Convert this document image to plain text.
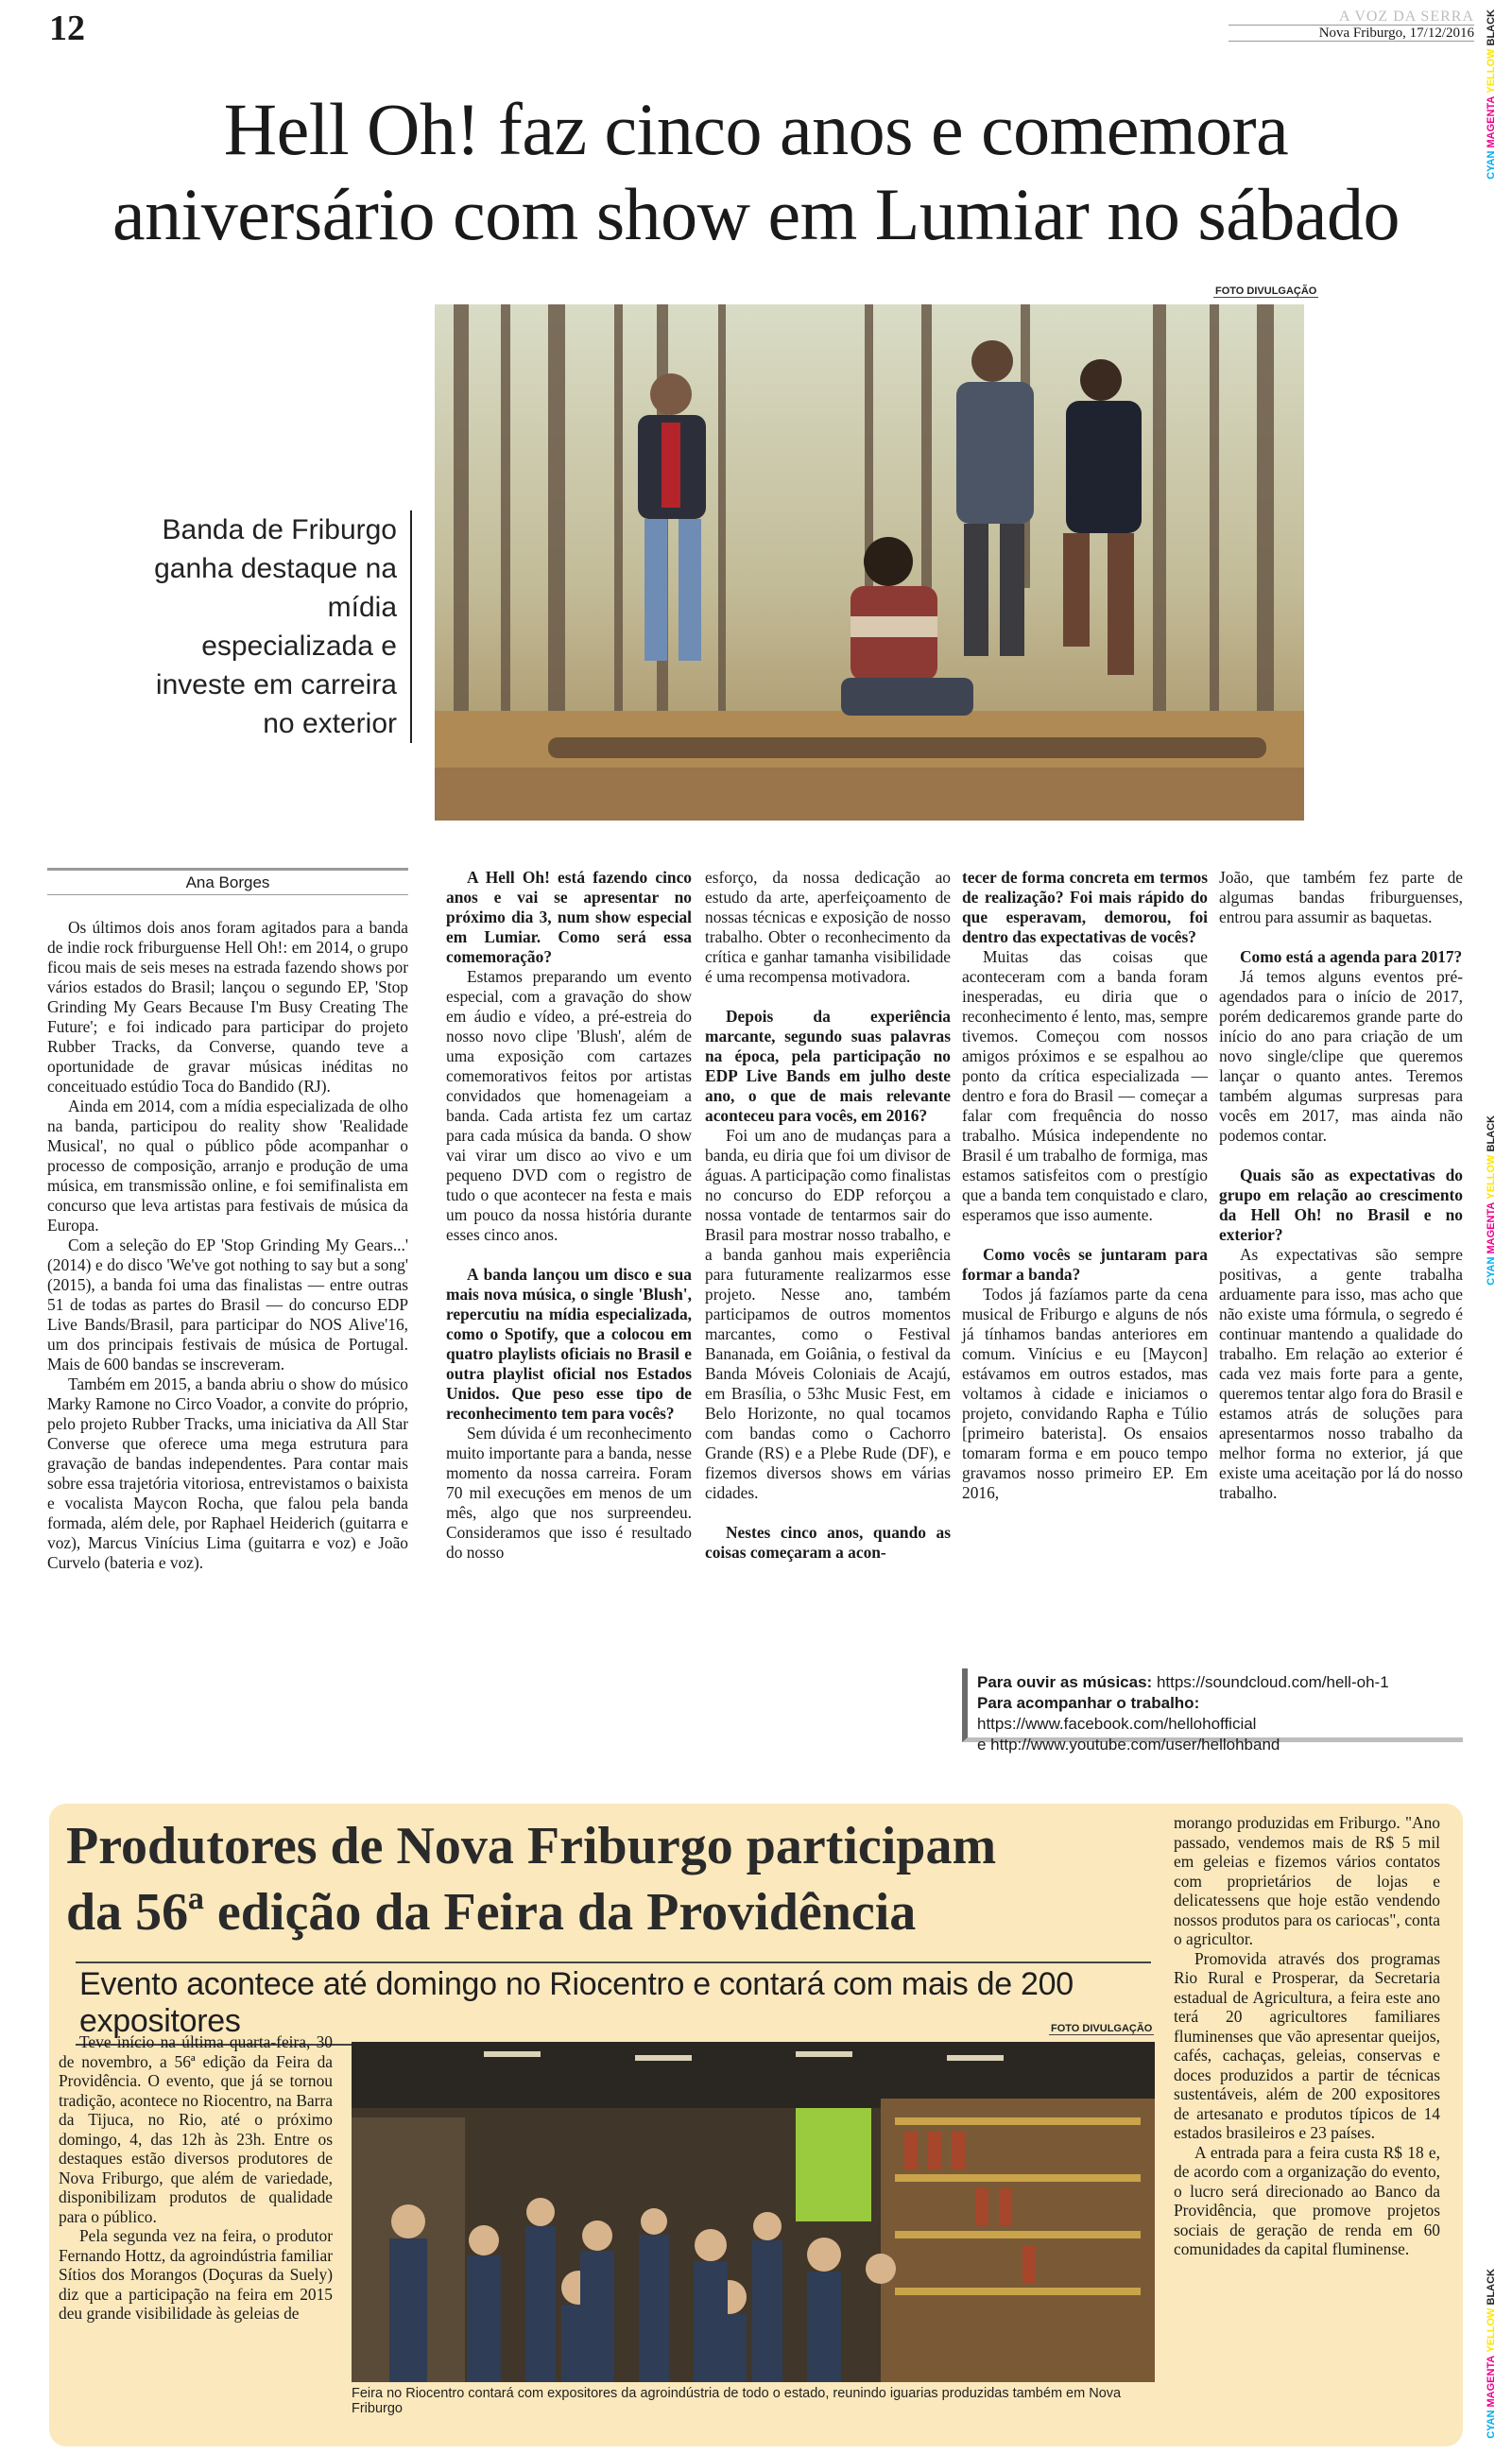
12	A VOZ DA SERRA
Nova Friburgo, 17/12/2016
CYAN MAGENTA YELLOW BLACK
CYAN MAGENTA YELLOW BLACK
CYAN MAGENTA YELLOW BLACK
Hell Oh! faz cinco anos e comemora
aniversário com show em Lumiar no sábado
FOTO DIVULGAÇÃO
Banda de Friburgo ganha destaque na mídia especializada e investe em carreira no exterior
Ana Borges

Os últimos dois anos foram agitados para a banda de indie rock friburguense Hell Oh!: em 2014, o grupo ficou mais de seis meses na estrada fazendo shows por vários estados do Brasil; lançou o segundo EP, 'Stop Grinding My Gears Because I'm Busy Creating The Future'; e foi indicado para participar do projeto Rubber Tracks, da Converse, quando teve a oportunidade de gravar músicas inéditas no conceituado estúdio Toca do Bandido (RJ).

Ainda em 2014, com a mídia especializada de olho na banda, participou do reality show 'Realidade Musical', no qual o público pôde acompanhar o processo de composição, arranjo e produção de uma música, em transmissão online, e foi semifinalista em concurso que leva artistas para festivais de música da Europa.

Com a seleção do EP 'Stop Grinding My Gears...' (2014) e do disco 'We've got nothing to say but a song' (2015), a banda foi uma das finalistas — entre outras 51 de todas as partes do Brasil — do concurso EDP Live Bands/Brasil, para participar do NOS Alive'16, um dos principais festivais de música de Portugal. Mais de 600 bandas se inscreveram.

Também em 2015, a banda abriu o show do músico Marky Ramone no Circo Voador, a convite do próprio, pelo projeto Rubber Tracks, uma iniciativa da All Star Converse que oferece uma mega estrutura para gravação de bandas independentes. Para contar mais sobre essa trajetória vitoriosa, entrevistamos o baixista e vocalista Maycon Rocha, que falou pela banda formada, além dele, por Raphael Heiderich (guitarra e voz), Marcus Vinícius Lima (guitarra e voz) e João Curvelo (bateria e voz).

A Hell Oh! está fazendo cinco anos e vai se apresentar no próximo dia 3, num show especial em Lumiar. Como será essa comemoração?

Estamos preparando um evento especial, com a gravação do show em áudio e vídeo, a pré-estreia do nosso novo clipe 'Blush', além de uma exposição com cartazes comemorativos feitos por artistas convidados que homenageiam a banda. Cada artista fez um cartaz para cada música da banda. O show vai virar um disco ao vivo e um pequeno DVD com o registro de tudo o que acontecer na festa e mais um pouco da nossa história durante esses cinco anos.

A banda lançou um disco e sua mais nova música, o single 'Blush', repercutiu na mídia especializada, como o Spotify, que a colocou em quatro playlists oficiais no Brasil e outra playlist oficial nos Estados Unidos. Que peso esse tipo de reconhecimento tem para vocês?

Sem dúvida é um reconhecimento muito importante para a banda, nesse momento da nossa carreira. Foram 70 mil execuções em menos de um mês, algo que nos surpreendeu. Consideramos que isso é resultado do nosso

esforço, da nossa dedicação ao estudo da arte, aperfeiçoamento de nossas técnicas e exposição de nosso trabalho. Obter o reconhecimento da crítica e ganhar tamanha visibilidade é uma recompensa motivadora.

Depois da experiência marcante, segundo suas palavras na época, pela participação no EDP Live Bands em julho deste ano, o que de mais relevante aconteceu para vocês, em 2016?

Foi um ano de mudanças para a banda, eu diria que foi um divisor de águas. A participação como finalistas no concurso do EDP reforçou a nossa vontade de tentarmos sair do Brasil para mostrar nosso trabalho, e a banda ganhou mais experiência para futuramente realizarmos esse projeto. Nesse ano, também participamos de outros momentos marcantes, como o Festival Bananada, em Goiânia, o festival da Banda Móveis Coloniais de Acajú, em Brasília, o 53hc Music Fest, em Belo Horizonte, no qual tocamos com bandas como o Cachorro Grande (RS) e a Plebe Rude (DF), e fizemos diversos shows em várias cidades.

Nestes cinco anos, quando as coisas começaram a acon-

tecer de forma concreta em termos de realização? Foi mais rápido do que esperavam, demorou, foi dentro das expectativas de vocês?

Muitas das coisas que aconteceram com a banda foram inesperadas, eu diria que o reconhecimento é lento, mas, sempre tivemos. Começou com nossos amigos próximos e se espalhou ao ponto da crítica especializada — dentro e fora do Brasil — começar a falar com frequência do nosso trabalho. Música independente no Brasil é um trabalho de formiga, mas estamos satisfeitos com o prestígio que a banda tem conquistado e claro, esperamos que isso aumente.

Como vocês se juntaram para formar a banda?

Todos já fazíamos parte da cena musical de Friburgo e alguns de nós já tínhamos bandas anteriores em comum. Vinícius e eu [Maycon] estávamos em outros estados, mas voltamos à cidade e iniciamos o projeto, convidando Rapha e Túlio [primeiro baterista]. Os ensaios tomaram forma e em pouco tempo gravamos nosso primeiro EP. Em 2016,

João, que também fez parte de algumas bandas friburguenses, entrou para assumir as baquetas.

Como está a agenda para 2017?

Já temos alguns eventos pré-agendados para o início de 2017, porém dedicaremos grande parte do início do ano para criação de um novo single/clipe que queremos lançar o quanto antes. Teremos também algumas surpresas para vocês em 2017, mas ainda não podemos contar.

Quais são as expectativas do grupo em relação ao crescimento da Hell Oh! no Brasil e no exterior?

As expectativas são sempre positivas, a gente trabalha arduamente para isso, mas acho que não existe uma fórmula, o segredo é continuar mantendo a qualidade do trabalho. Em relação ao exterior é cada vez mais forte para a gente, queremos tentar algo fora do Brasil e estamos atrás de soluções para apresentarmos nosso trabalho da melhor forma no exterior, já que existe uma aceitação por lá do nosso trabalho.

Para ouvir as músicas: https://soundcloud.com/hell-oh-1
Para acompanhar o trabalho: https://www.facebook.com/hellohofficial
e http://www.youtube.com/user/hellohband
Produtores de Nova Friburgo participam
da 56ª edição da Feira da Providência
Evento acontece até domingo no Riocentro e contará com mais de 200 expositores

Teve início na última quarta-feira, 30 de novembro, a 56ª edição da Feira da Providência. O evento, que já se tornou tradição, acontece no Riocentro, na Barra da Tijuca, no Rio, até o próximo domingo, 4, das 12h às 23h. Entre os destaques estão diversos produtores de Nova Friburgo, que além de variedade, disponibilizam produtos de qualidade para o público.

Pela segunda vez na feira, o produtor Fernando Hottz, da agroindústria familiar Sítios dos Morangos (Doçuras da Suely) diz que a participação na feira em 2015 deu grande visibilidade às geleias de

FOTO DIVULGAÇÃO
Feira no Riocentro contará com expositores da agroindústria de todo o estado, reunindo iguarias produzidas também em Nova Friburgo

morango produzidas em Friburgo. "Ano passado, vendemos mais de R$ 5 mil em geleias e fizemos vários contatos com proprietários de lojas e delicatessens que hoje estão vendendo nossos produtos para os cariocas", conta o agricultor.

Promovida através dos programas Rio Rural e Prosperar, da Secretaria estadual de Agricultura, a feira este ano terá 20 agricultores familiares fluminenses que vão apresentar queijos, cafés, cachaças, geleias, conservas e doces produzidos a partir de técnicas sustentáveis, além de 200 expositores de artesanato e produtos típicos de 14 estados brasileiros e 23 países.

A entrada para a feira custa R$ 18 e, de acordo com a organização do evento, o lucro será direcionado ao Banco da Providência, que promove projetos sociais de geração de renda em 60 comunidades da capital fluminense.
